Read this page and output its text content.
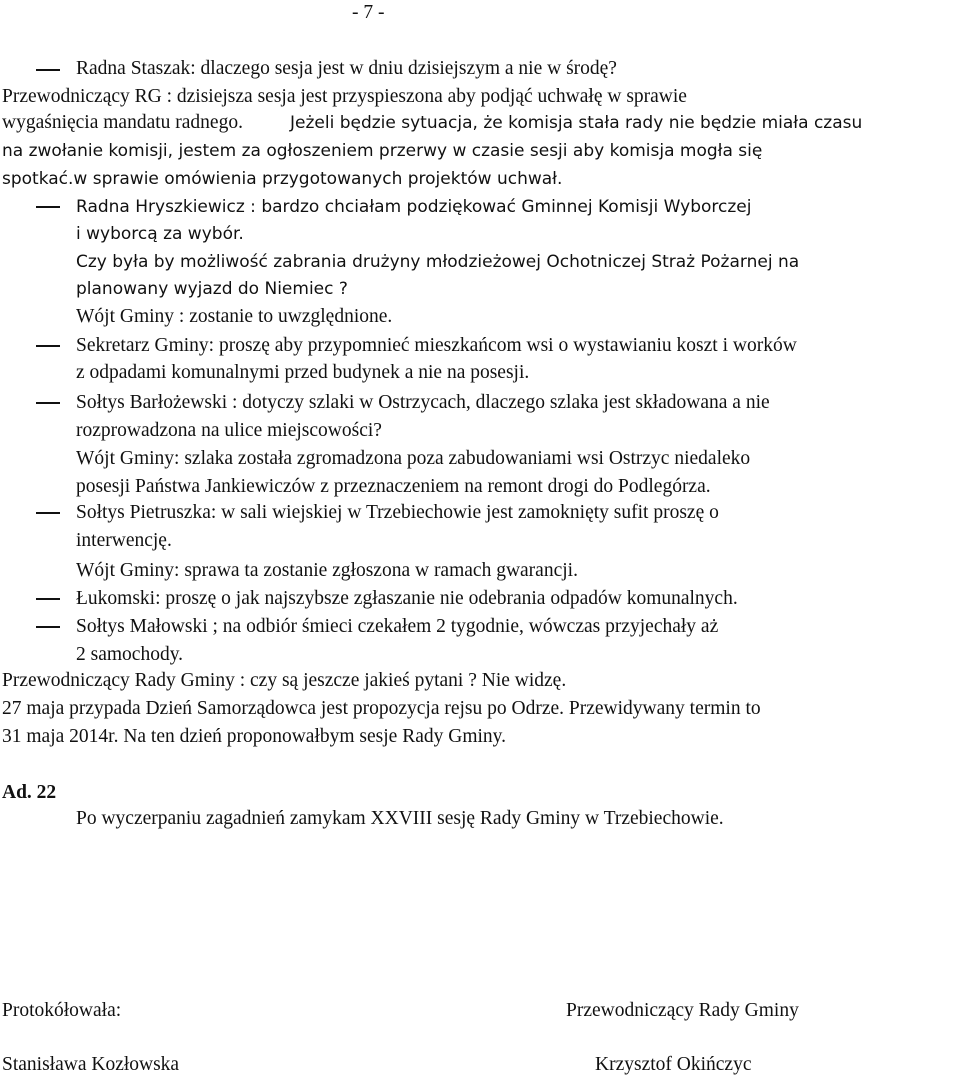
- 7 -
Radna Staszak: dlaczego sesja jest w dniu dzisiejszym a nie w środę?
Przewodniczący RG : dzisiejsza sesja jest przyspieszona aby podjąć uchwałę w sprawie
wygaśnięcia mandatu radnego.	Jeżeli będzie sytuacja, że komisja stała rady nie będzie miała czasu
na zwołanie komisji, jestem za ogłoszeniem przerwy w czasie sesji aby komisja mogła się
spotkać.w sprawie omówienia przygotowanych projektów uchwał.
Radna Hryszkiewicz : bardzo chciałam podziękować Gminnej Komisji Wyborczej
i wyborcą za wybór.
Czy była by możliwość zabrania drużyny młodzieżowej Ochotniczej Straż Pożarnej na
planowany wyjazd do Niemiec ?
Wójt Gminy : zostanie to uwzględnione.
Sekretarz Gminy: proszę aby przypomnieć mieszkańcom wsi o wystawianiu koszt i worków
z odpadami komunalnymi przed budynek a nie na posesji.
Sołtys Barłożewski : dotyczy szlaki w Ostrzycach, dlaczego szlaka jest składowana a nie
rozprowadzona na ulice miejscowości?
Wójt Gminy: szlaka została zgromadzona poza zabudowaniami wsi Ostrzyc niedaleko
posesji Państwa Jankiewiczów z przeznaczeniem na remont drogi do Podlegórza.
Sołtys Pietruszka: w sali wiejskiej w Trzebiechowie jest zamoknięty sufit proszę o
interwencję.
Wójt Gminy: sprawa ta zostanie zgłoszona w ramach gwarancji.
Łukomski: proszę o jak najszybsze zgłaszanie nie odebrania odpadów komunalnych.
Sołtys Małowski ; na odbiór śmieci czekałem 2 tygodnie, wówczas przyjechały aż
2 samochody.
Przewodniczący Rady Gminy : czy są jeszcze jakieś pytani ? Nie widzę.
27 maja przypada Dzień Samorządowca jest propozycja rejsu po Odrze. Przewidywany termin to
31 maja 2014r. Na ten dzień proponowałbym sesje Rady Gminy.
Ad. 22
Po wyczerpaniu zagadnień zamykam XXVIII sesję Rady Gminy w Trzebiechowie.
Protokółowała:
Stanisława Kozłowska
Przewodniczący Rady Gminy
Krzysztof Okińczyc
